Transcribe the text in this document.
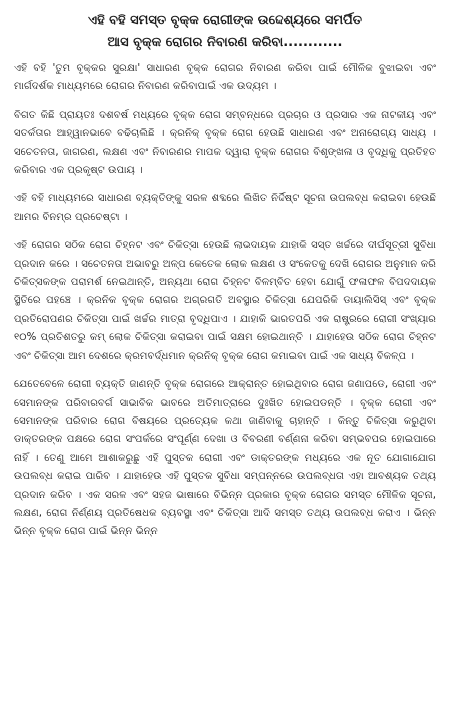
ଏହି ବହି ସମସ୍ତ ବୃକ୍କ ରୋଗୀଙ୍କ ଉଦ୍ଦେଶ୍ୟରେ ସମର୍ପିତ
ଆସ ବୃକ୍କ ରୋଗର ନିବାରଣ କରିବା............

ଏହି ବହି 'ତୁମ ବୃକ୍କର ସୁରକ୍ଷା' ସାଧାରଣ ବୃକ୍କ ରୋଗର ନିବାରଣ କରିବା ପାଇଁ ମୌଳିକ ବୁଝାଇବା ଏବଂ ମାର୍ଗଦର୍ଶକ ମାଧ୍ୟମରେ ରୋଗର ନିବାରଣ କରିବାପାଇଁ ଏକ ଉଦ୍ୟମ ।

ବିଗତ କିଛି ପ୍ରାୟତଃ ଦଶବର୍ଷ ମଧ୍ୟରେ ବୃକ୍କ ରୋଗ ସମ୍ବନ୍ଧରେ ପ୍ରଚାର ଓ ପ୍ରସାର ଏକ ନାଟକୀୟ ଏବଂ ସତର୍କତାର ଆହ୍ୱାନଭାବେ ବଢିଚାଲିଛି । କ୍ରନିକ୍ ବୃକ୍କ ରୋଗ ହେଉଛି ସାଧାରଣ ଏବଂ ଅନାରୋଗ୍ୟ ସାଧ୍ୟ । ସଚେତନତା, ଜାଗରଣ, ଲକ୍ଷଣ ଏବଂ ନିବାରଣର ମାପକ ଦ୍ୱାରା ବୃକ୍କ ରୋଗର ବିଶୃଙ୍ଖଳା ଓ ବୃଦ୍ଧିକୁ ପ୍ରତିହତ କରିବାର ଏକ ପ୍ରକୃଷ୍ଟ ଉପାୟ ।

ଏହି ବହି ମାଧ୍ୟମରେ ସାଧାରଣ ବ୍ୟକ୍ତିଙ୍କୁ ସରଳ ଶବ୍ଦରେ ଲିଖିତ ନିର୍ଦ୍ଦିଷ୍ଟ ସୂଚନା ଉପଲବ୍ଧ କରାଇବା ହେଉଛି ଆମର ବିନମ୍ର ପ୍ରଚେଷ୍ଟା ।

ଏହି ରୋଗର ସଠିକ ରୋଗ ଚିହ୍ନଟ ଏବଂ ଚିକିତ୍ସା ହେଉଛି ଲାଭଦାୟକ ଯାହାକି ସସ୍ତ ଖର୍ଚ୍ଚରେ ଦୀର୍ଘସୂତ୍ରୀ ସୁବିଧା ପ୍ରଦାନ କରେ । ସଚେତନତା ଅଭାବରୁ ଅଳ୍ପ କେତେକ ଲୋକ ଲକ୍ଷଣ ଓ ସଂକେତକୁ ଦେଖି ରୋଗର ଅନୁମାନ କରି ଚିକିତ୍ସକଙ୍କ ପରାମର୍ଶ ନେଇଥାନ୍ତି, ଅନ୍ୟଥା ରୋଗ ଚିହ୍ନଟ ବିଳମ୍ବିତ ହେବା ଯୋଗୁଁ ଫଳାଫଳ ବିପଦଦାୟକ ସ୍ଥିତିରେ ପହଞ୍ଚେ । କ୍ରନିକ ବୃକ୍କ ରୋଗର ଅଗ୍ରଗତି ଅବସ୍ଥାର ଚିକିତ୍ସା ଯେପରିକି ଡାୟାଲିସିସ୍ ଏବଂ ବୃକ୍କ ପ୍ରତିରୋପଣର ଚିକିତ୍ସା ପାଇଁ ଖର୍ଚ୍ଚର ମାତ୍ରା ବୃଦ୍ଧିପାଏ । ଯାହାକି ଭାରତପରି ଏକ ରାଷ୍ଟ୍ରରେ ରୋଗୀ ସଂଖ୍ୟାର ୧୦% ପ୍ରତିଶତରୁ କମ୍ ଲୋକ ଚିକିତ୍ସା କରାଇବା ପାଇଁ ସକ୍ଷମ ହୋଇଥାନ୍ତି । ଯାହାହେଉ ସଠିକ ରୋଗ ଚିହ୍ନଟ ଏବଂ ଚିକିତ୍ସା ଆମ ଦେଶରେ କ୍ରମବର୍ଦ୍ଧମାନ କ୍ରନିକ୍ ବୃକ୍କ ରୋଗ କମାଇବା ପାଇଁ ଏକ ସାଧ୍ୟ ବିକଳ୍ପ ।

ଯେତେବେଳେ ରୋଗୀ ବ୍ୟକ୍ତି ଜାଣନ୍ତି ବୃକ୍କ ରୋଗରେ ଆକ୍ରାନ୍ତ ହୋଇଥିବାର ରୋଗ ଜଣାପଡେ, ରୋଗୀ ଏବଂ ସେମାନଙ୍କ ପରିବାରବର୍ଗ ସାଭାବିକ ଭାବରେ ଅତିମାତ୍ରାରେ ଦୁଃଖିତ ହୋଇପଡନ୍ତି । ବୃକ୍କ ରୋଗୀ ଏବଂ ସେମାନଙ୍କ ପରିବାର ରୋଗ ବିଷୟରେ ପ୍ରତ୍ୟେକ କଥା ଜାଣିବାକୁ ଚାହାନ୍ତି । କିନ୍ତୁ ଚିକିତ୍ସା କରୁଥିବା ଡାକ୍ତରଙ୍କ ପକ୍ଷରେ ରୋଗ ସଂପର୍କରେ ସଂପୂର୍ଣ୍ଣ ଦେଖା ଓ ବିବରଣୀ ବର୍ଣ୍ଣନା କରିବା ସମ୍ଭବପର ହୋଇପାରେ ନାହିଁ । ତେଣୁ ଆମେ ଆଶାକରୁଛୁ ଏହି ପୁସ୍ତକ ରୋଗୀ ଏବଂ ଡାକ୍ତରଙ୍କ ମଧ୍ୟରେ ଏକ ନୂତ ଯୋଗାଯୋଗ ଉପଲବ୍ଧ କରାଇ ପାରିବ । ଯାହାହେଉ ଏହି ପୁସ୍ତକ ସୁବିଧା ସମ୍ପନ୍ନରେ ଉପଲବ୍ଧତା ଏହା ଆବଶ୍ୟକ ତଥ୍ୟ ପ୍ରଦାନ କରିବ । ଏକ ସରଳ ଏବଂ ସହଜ ଭାଷାରେ ବିଭିନ୍ନ ପ୍ରକାର ବୃକ୍କ ରୋଗର ସମସ୍ତ ମୌଳିକ ସୂଚନା, ଲକ୍ଷଣ, ରୋଗ ନିର୍ଣ୍ଣୟ ପ୍ରତିଷେଧକ ବ୍ୟବସ୍ଥା ଏବଂ ଚିକିତ୍ସା ଆଦି ସମସ୍ତ ତଥ୍ୟ ଉପଲବ୍ଧ କରାଏ । ଭିନ୍ନ ଭିନ୍ନ ବୃକ୍କ ରୋଗ ପାଇଁ ଭିନ୍ନ ଭିନ୍ନ
